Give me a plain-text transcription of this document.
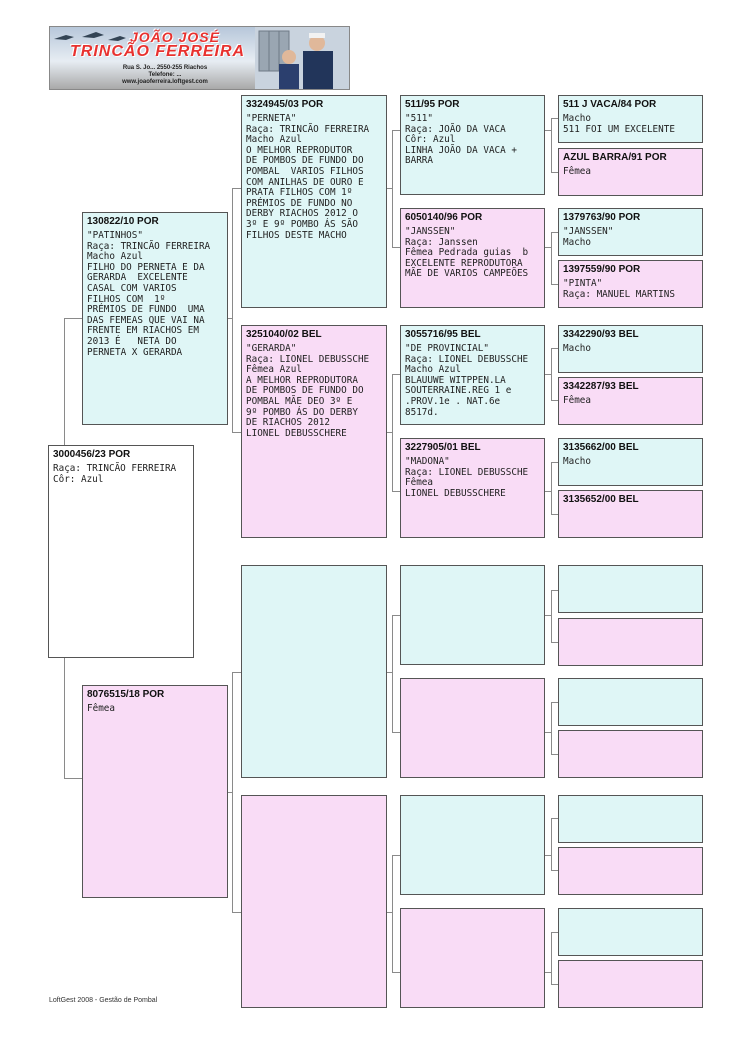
JOÃO JOSÉ
TRINCÃO FERREIRA
Rua S. Jo... 2550-255 Riachos
Telefone: ...
www.joaoferreira.loftgest.com
3000456/23 POR
Raça: TRINCÃO FERREIRA
Côr: Azul
130822/10 POR
"PATINHOS"
Raça: TRINCÃO FERREIRA
Macho Azul
FILHO DO PERNETA E DA
GERARDA  EXCELENTE
CASAL COM VARIOS
FILHOS COM  1º
PRÉMIOS DE FUNDO  UMA
DAS FEMEAS QUE VAI NA
FRENTE EM RIACHOS EM
2013 É   NETA DO
PERNETA X GERARDA
8076515/18 POR
Fêmea
3324945/03 POR
"PERNETA"
Raça: TRINCÃO FERREIRA
Macho Azul
O MELHOR REPRODUTOR
DE POMBOS DE FUNDO DO
POMBAL  VARIOS FILHOS
COM ANILHAS DE OURO E
PRATA FILHOS COM 1º
PRÉMIOS DE FUNDO NO
DERBY RIACHOS 2012 O
3º E 9º POMBO ÁS SÃO
FILHOS DESTE MACHO
3251040/02 BEL
"GERARDA"
Raça: LIONEL DEBUSSCHE
Fêmea Azul
A MELHOR REPRODUTORA
DE POMBOS DE FUNDO DO
POMBAL MÃE DEO 3º E
9º POMBO ÁS DO DERBY
DE RIACHOS 2012
LIONEL DEBUSSCHERE
511/95 POR
"511"
Raça: JOÃO DA VACA
Côr: Azul
LINHA JOÃO DA VACA +
BARRA
6050140/96 POR
"JANSSEN"
Raça: Janssen
Fêmea Pedrada guias  b
EXCELENTE REPRODUTORA
MÃE DE VARIOS CAMPEÕES
3055716/95 BEL
"DE PROVINCIAL"
Raça: LIONEL DEBUSSCHE
Macho Azul
BLAUUWE WITPPEN.LA
SOUTERRAINE.REG 1 e
.PROV.1e . NAT.6e
8517d.
3227905/01 BEL
"MADONA"
Raça: LIONEL DEBUSSCHE
Fêmea
LIONEL DEBUSSCHERE
511 J VACA/84 POR
Macho
511 FOI UM EXCELENTE
AZUL BARRA/91 POR
Fêmea
1379763/90 POR
"JANSSEN"
Macho
1397559/90 POR
"PINTA"
Raça: MANUEL MARTINS
3342290/93 BEL
Macho
3342287/93 BEL
Fêmea
3135662/00 BEL
Macho
3135652/00 BEL
LoftGest 2008 - Gestão de Pombal
